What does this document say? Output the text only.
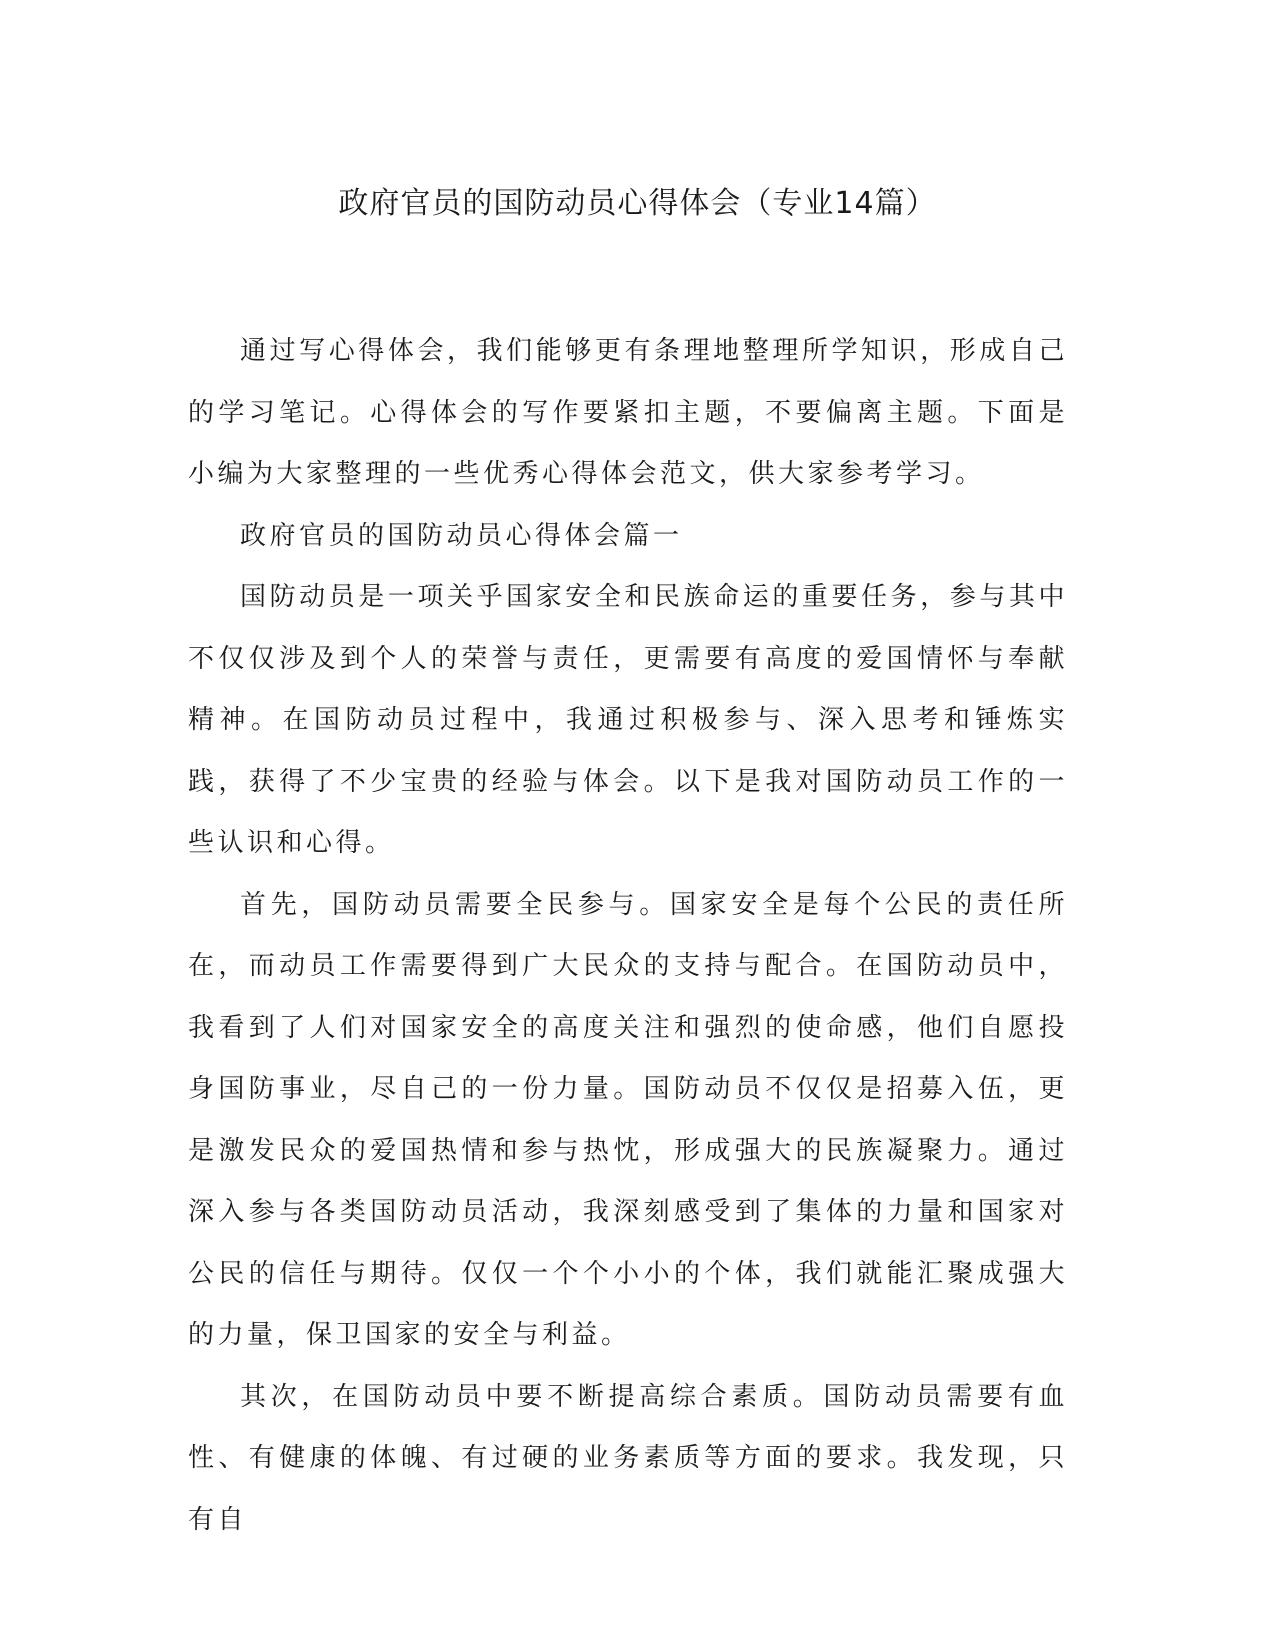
政府官员的国防动员心得体会（专业14篇）

通过写心得体会，我们能够更有条理地整理所学知识，形成自己的学习笔记。心得体会的写作要紧扣主题，不要偏离主题。下面是小编为大家整理的一些优秀心得体会范文，供大家参考学习。

政府官员的国防动员心得体会篇一

国防动员是一项关乎国家安全和民族命运的重要任务，参与其中不仅仅涉及到个人的荣誉与责任，更需要有高度的爱国情怀与奉献精神。在国防动员过程中，我通过积极参与、深入思考和锤炼实践，获得了不少宝贵的经验与体会。以下是我对国防动员工作的一些认识和心得。

首先，国防动员需要全民参与。国家安全是每个公民的责任所在，而动员工作需要得到广大民众的支持与配合。在国防动员中，我看到了人们对国家安全的高度关注和强烈的使命感，他们自愿投身国防事业，尽自己的一份力量。国防动员不仅仅是招募入伍，更是激发民众的爱国热情和参与热忱，形成强大的民族凝聚力。通过深入参与各类国防动员活动，我深刻感受到了集体的力量和国家对公民的信任与期待。仅仅一个个小小的个体，我们就能汇聚成强大的力量，保卫国家的安全与利益。

其次，在国防动员中要不断提高综合素质。国防动员需要有血性、有健康的体魄、有过硬的业务素质等方面的要求。我发现，只有自
